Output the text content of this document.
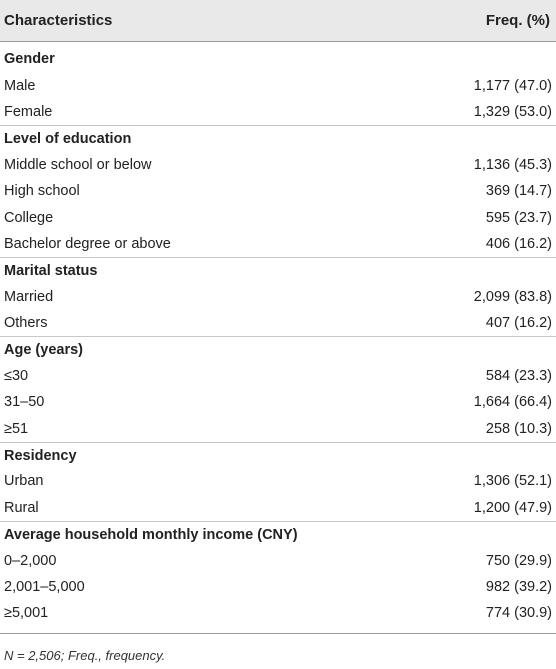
Characteristics	Freq. (%)
Gender
Male	1,177 (47.0)
Female	1,329 (53.0)
Level of education
Middle school or below	1,136 (45.3)
High school	369 (14.7)
College	595 (23.7)
Bachelor degree or above	406 (16.2)
Marital status
Married	2,099 (83.8)
Others	407 (16.2)
Age (years)
≤30	584 (23.3)
31–50	1,664 (66.4)
≥51	258 (10.3)
Residency
Urban	1,306 (52.1)
Rural	1,200 (47.9)
Average household monthly income (CNY)
0–2,000	750 (29.9)
2,001–5,000	982 (39.2)
≥5,001	774 (30.9)
N = 2,506; Freq., frequency.
